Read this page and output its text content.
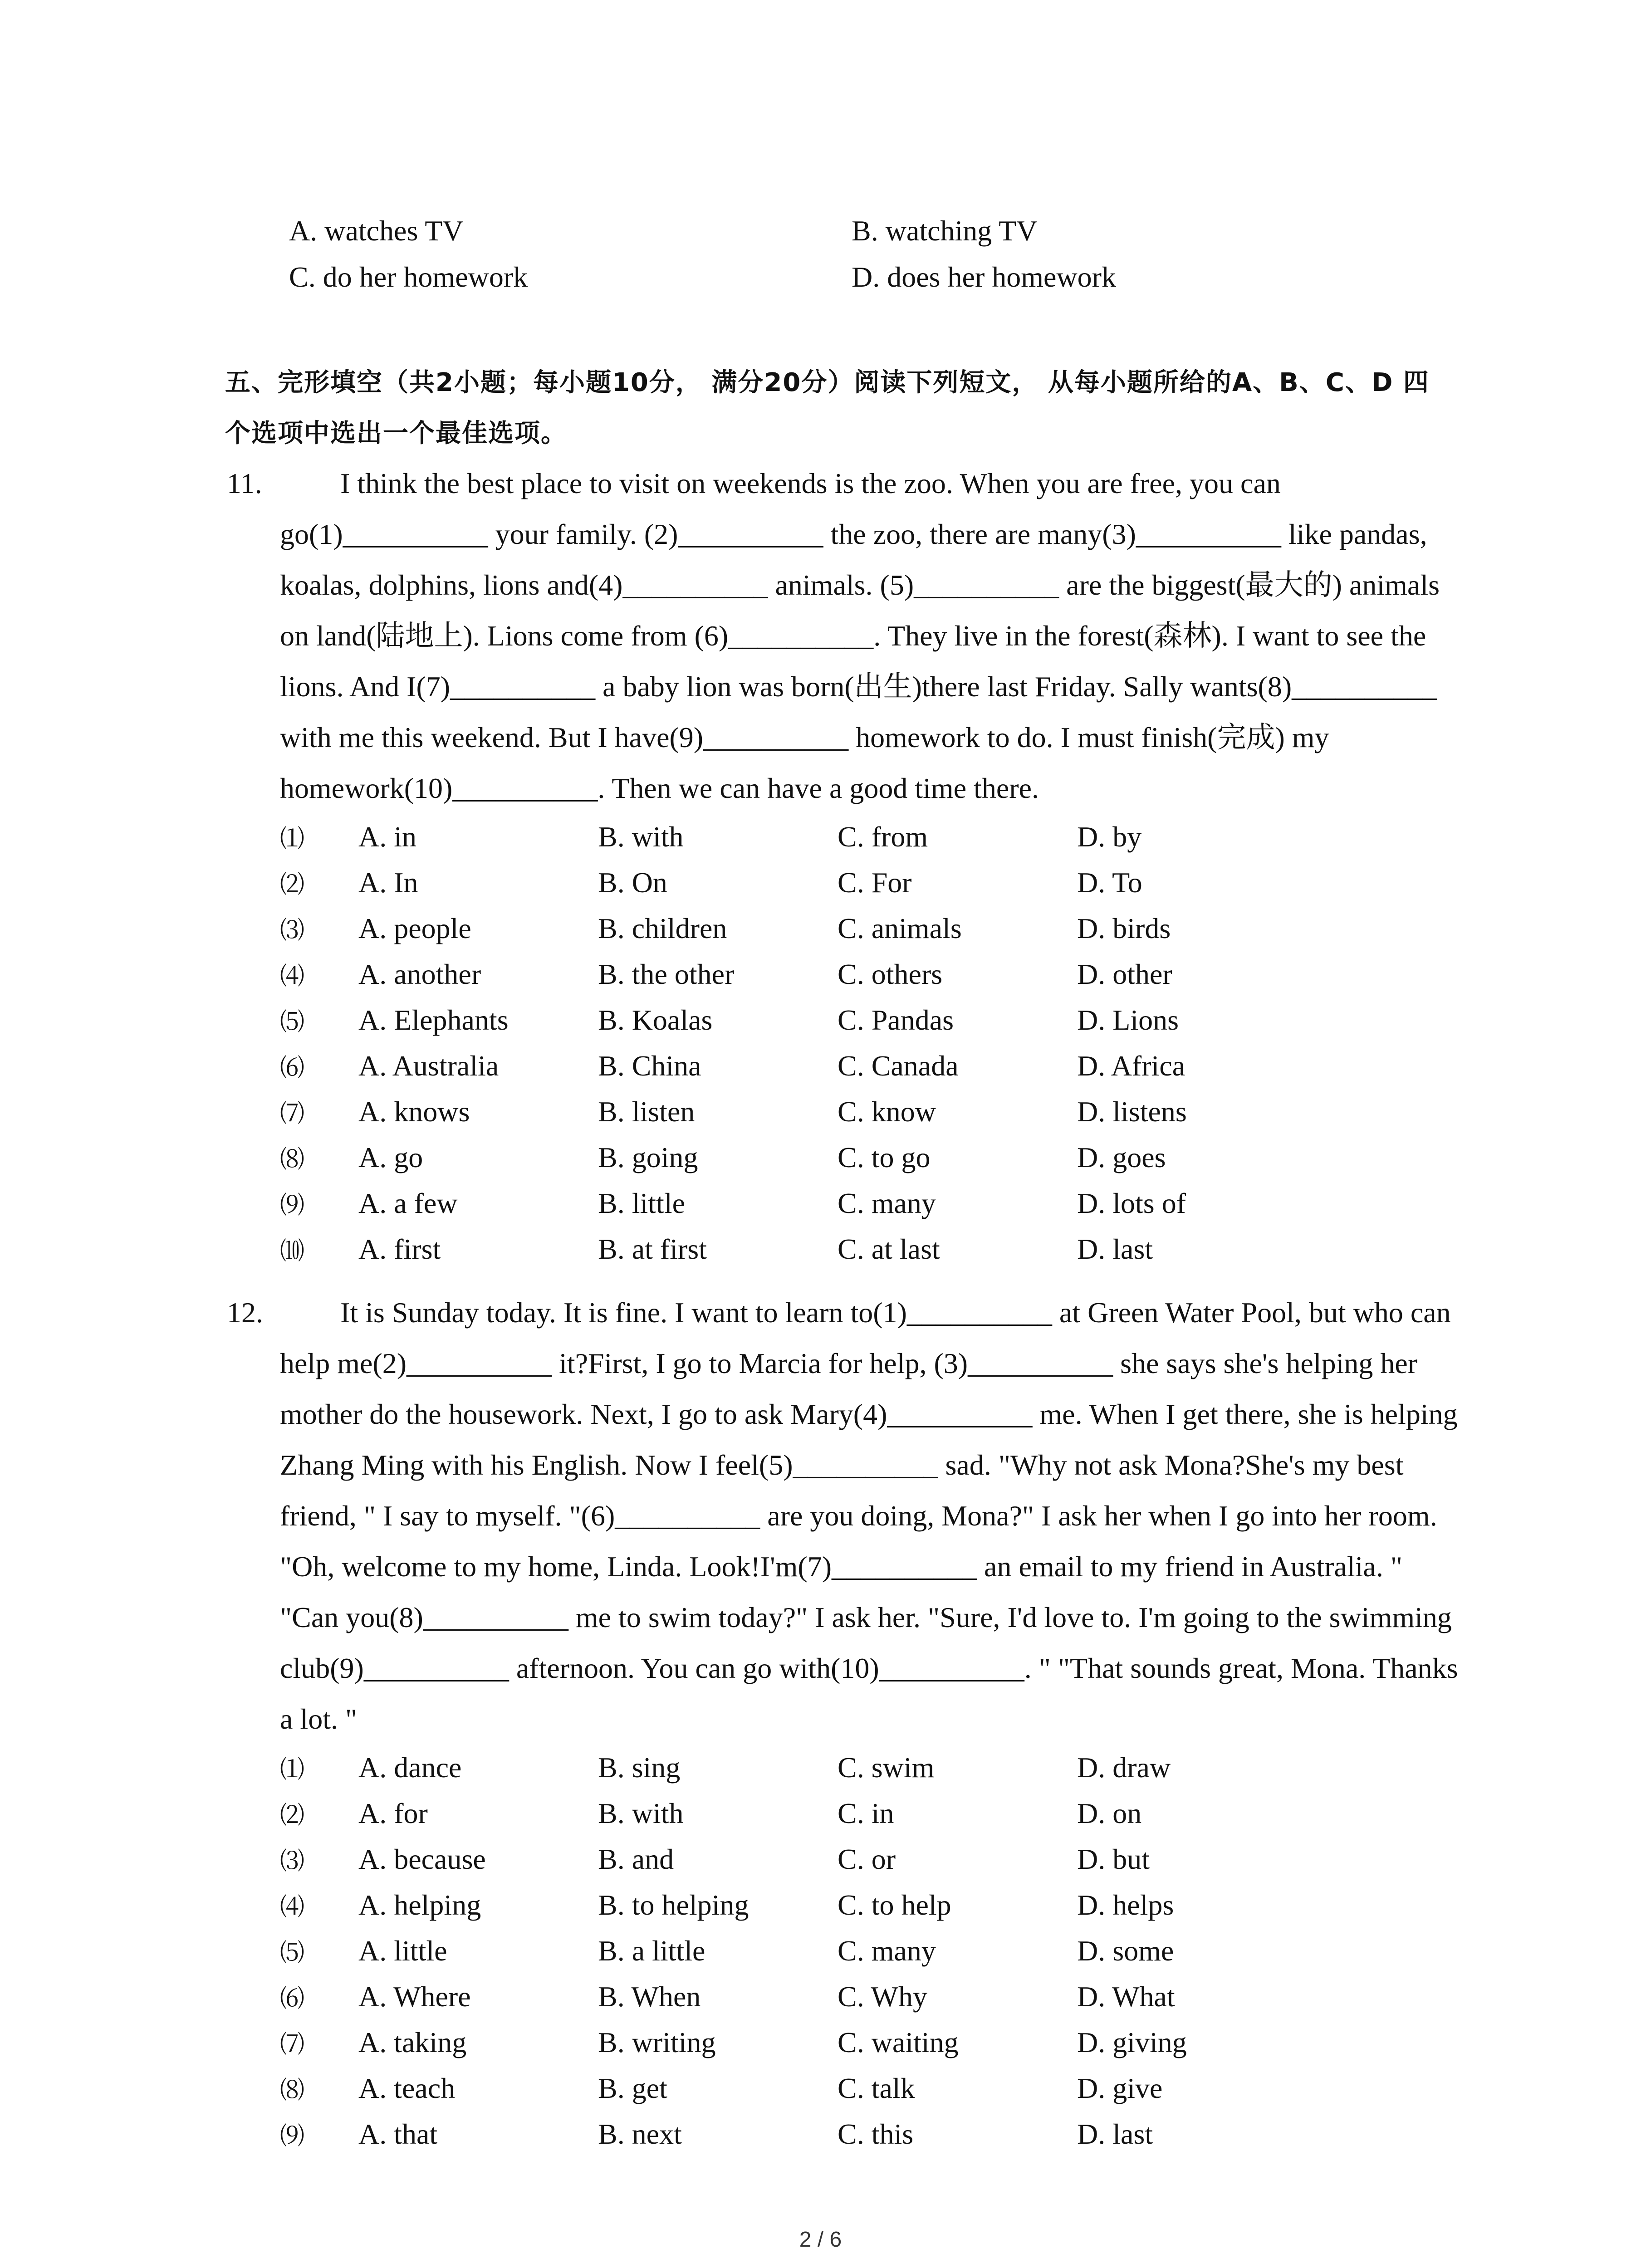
A. watches TV	B. watching TV
C. do her homework	D. does her homework
五、完形填空（共2小题；每小题10分， 满分20分）阅读下列短文， 从每小题所给的A、B、C、D 四个选项中选出一个最佳选项。
11.	I think the best place to visit on weekends is the zoo. When you are free, you can go(1)__________ your family. (2)__________ the zoo, there are many(3)__________ like pandas, koalas, dolphins, lions and(4)__________ animals. (5)__________ are the biggest(最大的) animals on land(陆地上). Lions come from (6)__________. They live in the forest(森林). I want to see the lions. And I(7)__________ a baby lion was born(出生)there last Friday. Sally wants(8)__________ with me this weekend. But I have(9)__________ homework to do. I must finish(完成) my homework(10)__________. Then we can have a good time there.
⑴	A. in	B. with	C. from	D. by
⑵	A. In	B. On	C. For	D. To
⑶	A. people	B. children	C. animals	D. birds
⑷	A. another	B. the other	C. others	D. other
⑸	A. Elephants	B. Koalas	C. Pandas	D. Lions
⑹	A. Australia	B. China	C. Canada	D. Africa
⑺	A. knows	B. listen	C. know	D. listens
⑻	A. go	B. going	C. to go	D. goes
⑼	A. a few	B. little	C. many	D. lots of
⑽	A. first	B. at first	C. at last	D. last
12.	It is Sunday today. It is fine. I want to learn to(1)__________ at Green Water Pool, but who can help me(2)__________ it?First, I go to Marcia for help, (3)__________ she says she's helping her mother do the housework. Next, I go to ask Mary(4)__________ me. When I get there, she is helping Zhang Ming with his English. Now I feel(5)__________ sad. "Why not ask Mona?She's my best friend, " I say to myself. "(6)__________ are you doing, Mona?" I ask her when I go into her room. "Oh, welcome to my home, Linda. Look!I'm(7)__________ an email to my friend in Australia. " "Can you(8)__________ me to swim today?" I ask her. "Sure, I'd love to. I'm going to the swimming club(9)__________ afternoon. You can go with(10)__________. " "That sounds great, Mona. Thanks a lot. "
⑴	A. dance	B. sing	C. swim	D. draw
⑵	A. for	B. with	C. in	D. on
⑶	A. because	B. and	C. or	D. but
⑷	A. helping	B. to helping	C. to help	D. helps
⑸	A. little	B. a little	C. many	D. some
⑹	A. Where	B. When	C. Why	D. What
⑺	A. taking	B. writing	C. waiting	D. giving
⑻	A. teach	B. get	C. talk	D. give
⑼	A. that	B. next	C. this	D. last
2 / 6
